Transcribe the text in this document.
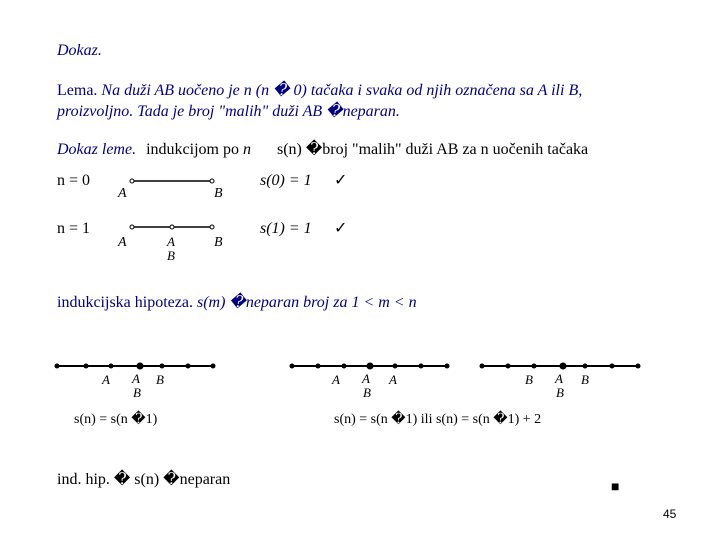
Dokaz.
Lema. Na duži AB uočeno je n (n � 0) tačaka i svaka od njih označena sa A ili B,
proizvoljno. Tada je broj "malih" duži AB �neparan.
Dokaz leme. indukcijom po n s(n) �broj "malih" duži AB za n uočenih tačaka
n = 0
n = 1
A	B
s(0) = 1 ✓
A	A
B
B
s(1) = 1 ✓
indukcijska hipoteza. s(m) �neparan broj za 1 < m < n
A A
B
B
s(n) = s(n �1)
A A
B
A
s(n) = s(n �1) ili s(n) = s(n �1) + 2
B A
B
B
ind. hip. � s(n) �neparan	■
45
